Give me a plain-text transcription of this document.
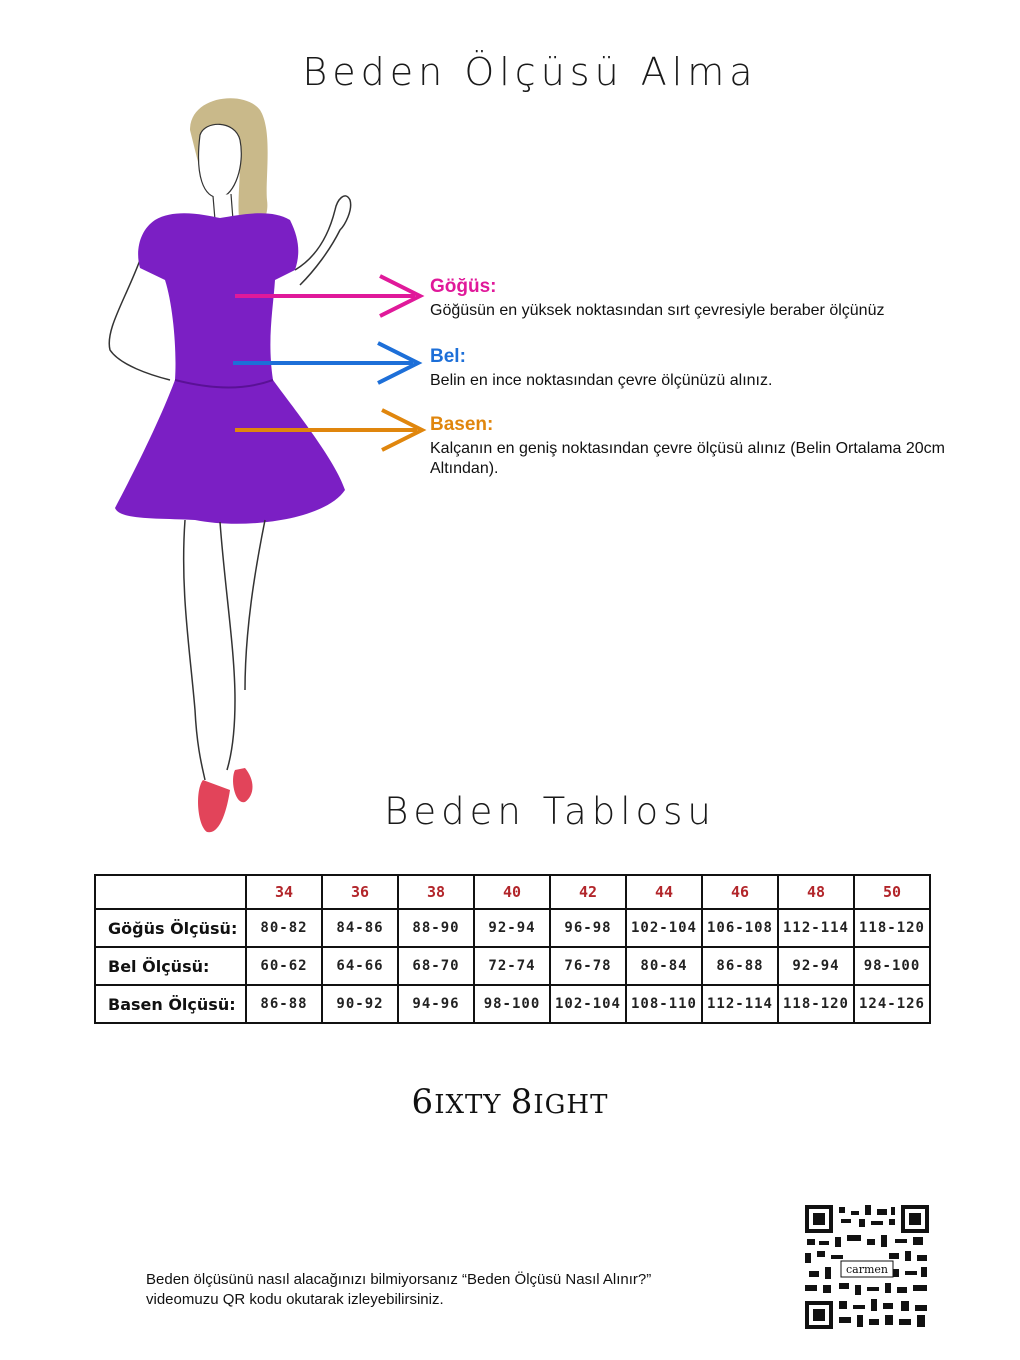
Beden Ölçüsü Alma
Göğüs:
Göğüsün en yüksek noktasından sırt çevresiyle beraber ölçünüz
Bel:
Belin en ince noktasından çevre ölçünüzü alınız.
Basen:
Kalçanın en geniş noktasından çevre ölçüsü alınız (Belin Ortalama 20cm Altından).
Beden Tablosu
	34	36	38	40	42	44	46	48	50
Göğüs Ölçüsü:	80-82	84-86	88-90	92-94	96-98	102-104	106-108	112-114	118-120
Bel Ölçüsü:	60-62	64-66	68-70	72-74	76-78	80-84	86-88	92-94	98-100
Basen Ölçüsü:	86-88	90-92	94-96	98-100	102-104	108-110	112-114	118-120	124-126
6IXTY 8IGHT
Beden ölçüsünü nasıl alacağınızı bilmiyorsanız “Beden Ölçüsü Nasıl Alınır?”
videomuzu QR kodu okutarak izleyebilirsiniz.
carmen
